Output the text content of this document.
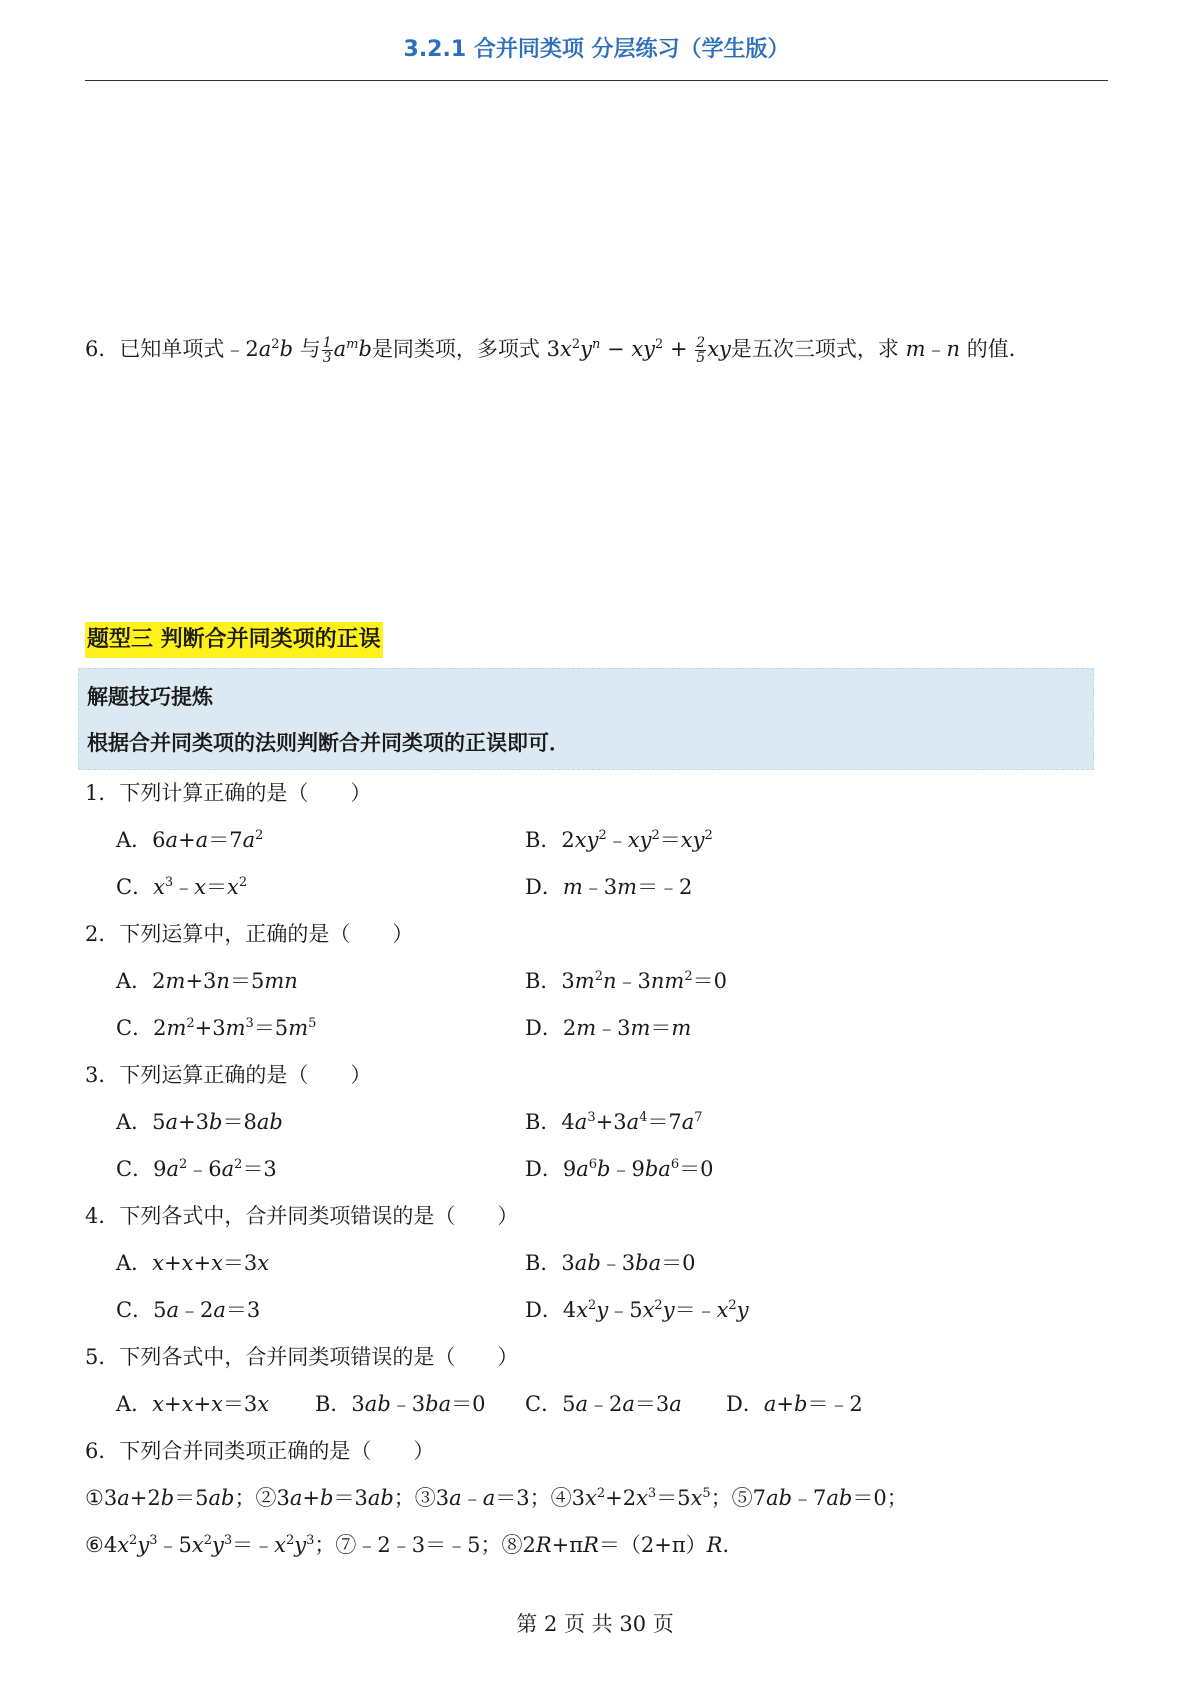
3.2.1 合并同类项 分层练习（学生版）
6．已知单项式$﹣2a^2b$ 与 $\frac{1}{3} a^mb$是同类项，多项式 $3x^2y^n - xy^2 + \frac{2}{5}$ xy是五次三项式，求 m﹣n 的值．
题型三 判断合并同类项的正误
解题技巧提炼
根据合并同类项的法则判断合并同类项的正误即可．
1．下列计算正确的是（　　）
A．$6a+a=7a^2$	B．$2xy^2﹣xy^2=xy^2$
C．$x^3﹣x=x^2$	D．m﹣3m＝﹣2
2．下列运算中，正确的是（　　）
A．2m+3n＝5mn	B．$3m^2n﹣3nm^2=0$
C．$2m^2+3m^3=5m^5$	D．2m﹣3m＝m
3．下列运算正确的是（　　）
A．5a+3b＝8ab	B．$4a^3+3a^4=7a^7$
C．$9a^2﹣6a^2=3$	D．$9a^6b﹣9ba^6=0$
4．下列各式中，合并同类项错误的是（　　）
A．x+x+x＝3x	B．3ab﹣3ba＝0
C．5a﹣2a＝3	D．$4x^2y﹣5x^2y=﹣x^2y$
5．下列各式中，合并同类项错误的是（　　）
A．x+x+x＝3x B．3ab﹣3ba＝0 C．5a﹣2a＝3a D．a+b＝﹣2
6．下列合并同类项正确的是（　　）
①3a+2b＝5ab；②3a+b＝3ab；③3a﹣a＝3；$④3x^2+2x^3=5x^5$；⑤7ab﹣7ab＝0；
$⑥4x^2y^3﹣5x^2y^3=﹣x^2y^3$；⑦﹣2﹣3＝﹣5；⑧2R+πR＝（2+π）R．
第 2 页 共 30 页
